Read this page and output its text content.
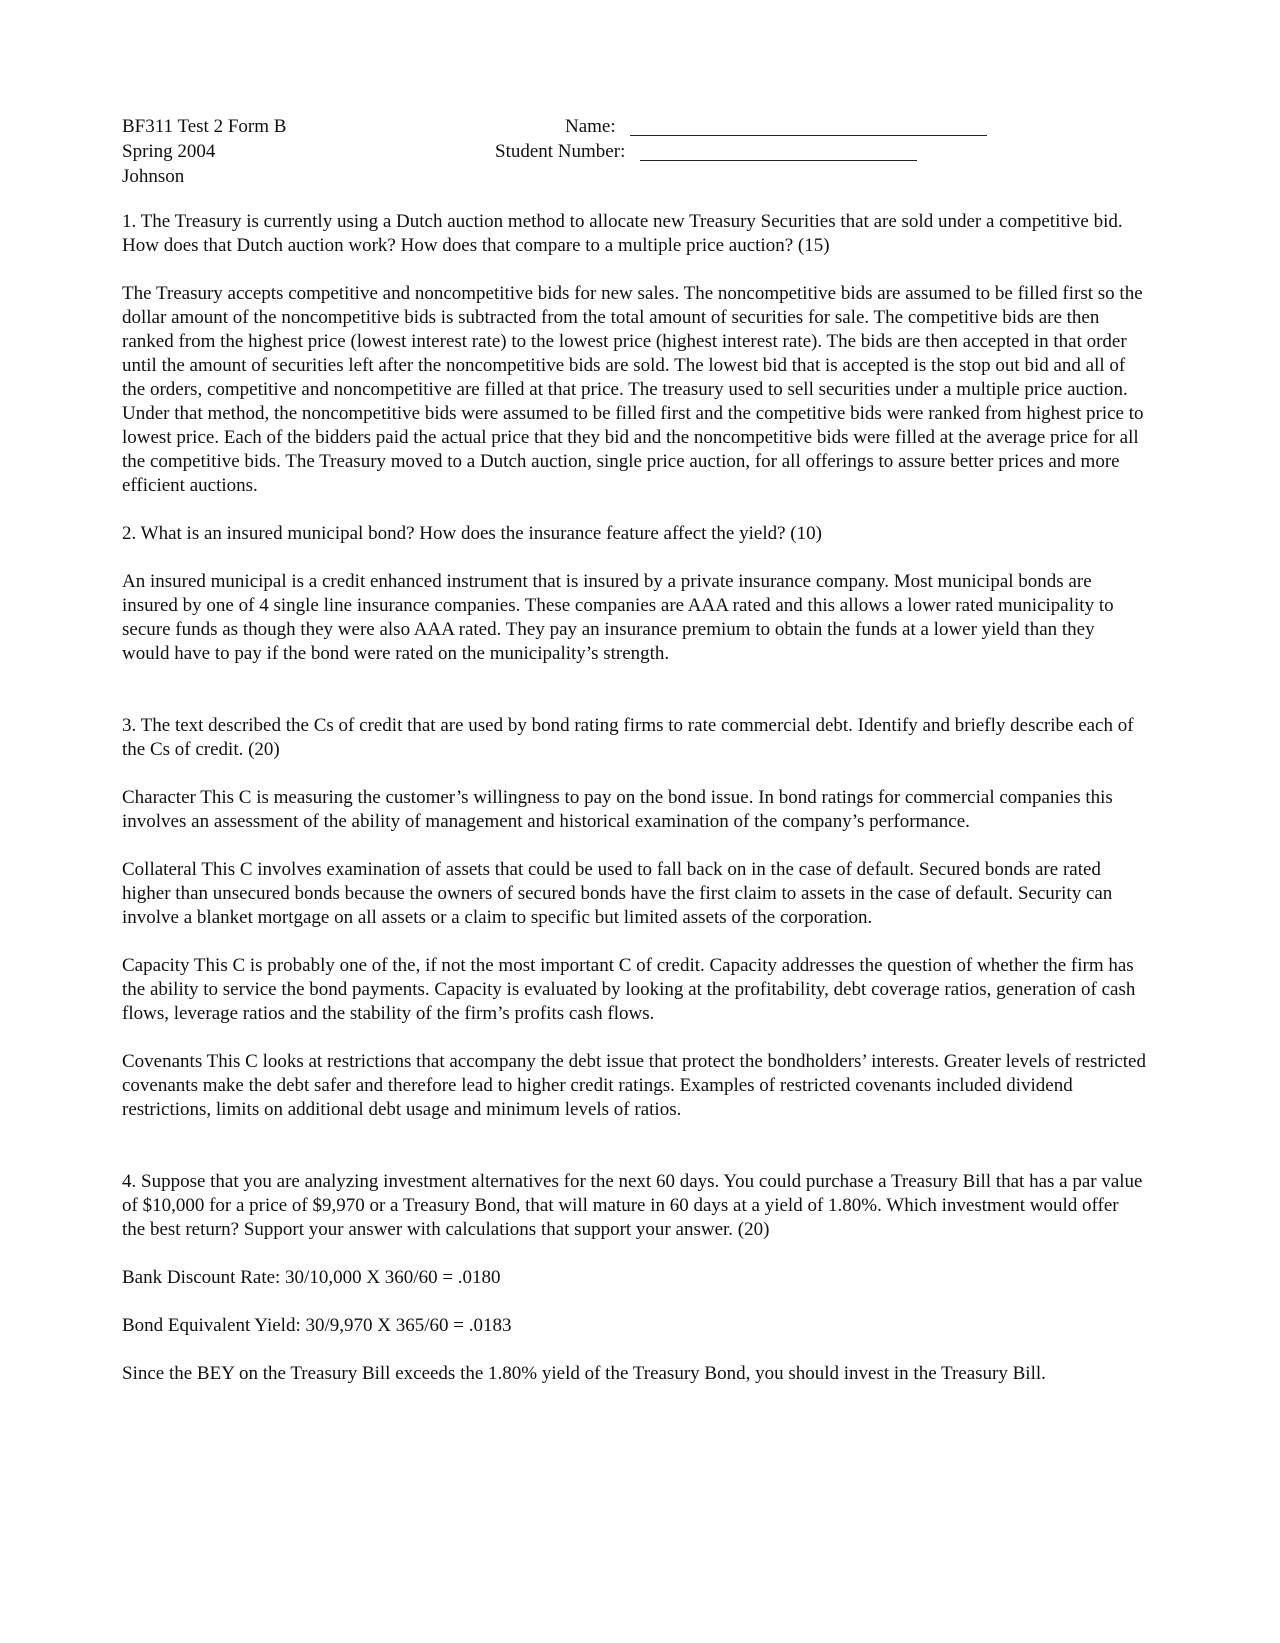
BF311 Test 2 Form B
Spring 2004
Johnson
Name:
Student Number:

1. The Treasury is currently using a Dutch auction method to allocate new Treasury Securities that are sold under a competitive bid. How does that Dutch auction work? How does that compare to a multiple price auction? (15)

The Treasury accepts competitive and noncompetitive bids for new sales. The noncompetitive bids are assumed to be filled first so the dollar amount of the noncompetitive bids is subtracted from the total amount of securities for sale. The competitive bids are then ranked from the highest price (lowest interest rate) to the lowest price (highest interest rate). The bids are then accepted in that order until the amount of securities left after the noncompetitive bids are sold. The lowest bid that is accepted is the stop out bid and all of the orders, competitive and noncompetitive are filled at that price. The treasury used to sell securities under a multiple price auction. Under that method, the noncompetitive bids were assumed to be filled first and the competitive bids were ranked from highest price to lowest price. Each of the bidders paid the actual price that they bid and the noncompetitive bids were filled at the average price for all the competitive bids. The Treasury moved to a Dutch auction, single price auction, for all offerings to assure better prices and more efficient auctions.

2. What is an insured municipal bond? How does the insurance feature affect the yield? (10)

An insured municipal is a credit enhanced instrument that is insured by a private insurance company. Most municipal bonds are insured by one of 4 single line insurance companies. These companies are AAA rated and this allows a lower rated municipality to secure funds as though they were also AAA rated. They pay an insurance premium to obtain the funds at a lower yield than they would have to pay if the bond were rated on the municipality’s strength.

3. The text described the Cs of credit that are used by bond rating firms to rate commercial debt. Identify and briefly describe each of the Cs of credit. (20)

Character This C is measuring the customer’s willingness to pay on the bond issue. In bond ratings for commercial companies this involves an assessment of the ability of management and historical examination of the company’s performance.

Collateral This C involves examination of assets that could be used to fall back on in the case of default. Secured bonds are rated higher than unsecured bonds because the owners of secured bonds have the first claim to assets in the case of default. Security can involve a blanket mortgage on all assets or a claim to specific but limited assets of the corporation.

Capacity This C is probably one of the, if not the most important C of credit. Capacity addresses the question of whether the firm has the ability to service the bond payments. Capacity is evaluated by looking at the profitability, debt coverage ratios, generation of cash flows, leverage ratios and the stability of the firm’s profits cash flows.

Covenants This C looks at restrictions that accompany the debt issue that protect the bondholders’ interests. Greater levels of restricted covenants make the debt safer and therefore lead to higher credit ratings. Examples of restricted covenants included dividend restrictions, limits on additional debt usage and minimum levels of ratios.

4. Suppose that you are analyzing investment alternatives for the next 60 days. You could purchase a Treasury Bill that has a par value of $10,000 for a price of $9,970 or a Treasury Bond, that will mature in 60 days at a yield of 1.80%. Which investment would offer the best return? Support your answer with calculations that support your answer. (20)

Bank Discount Rate: 30/10,000 X 360/60 = .0180

Bond Equivalent Yield: 30/9,970 X 365/60 = .0183

Since the BEY on the Treasury Bill exceeds the 1.80% yield of the Treasury Bond, you should invest in the Treasury Bill.
